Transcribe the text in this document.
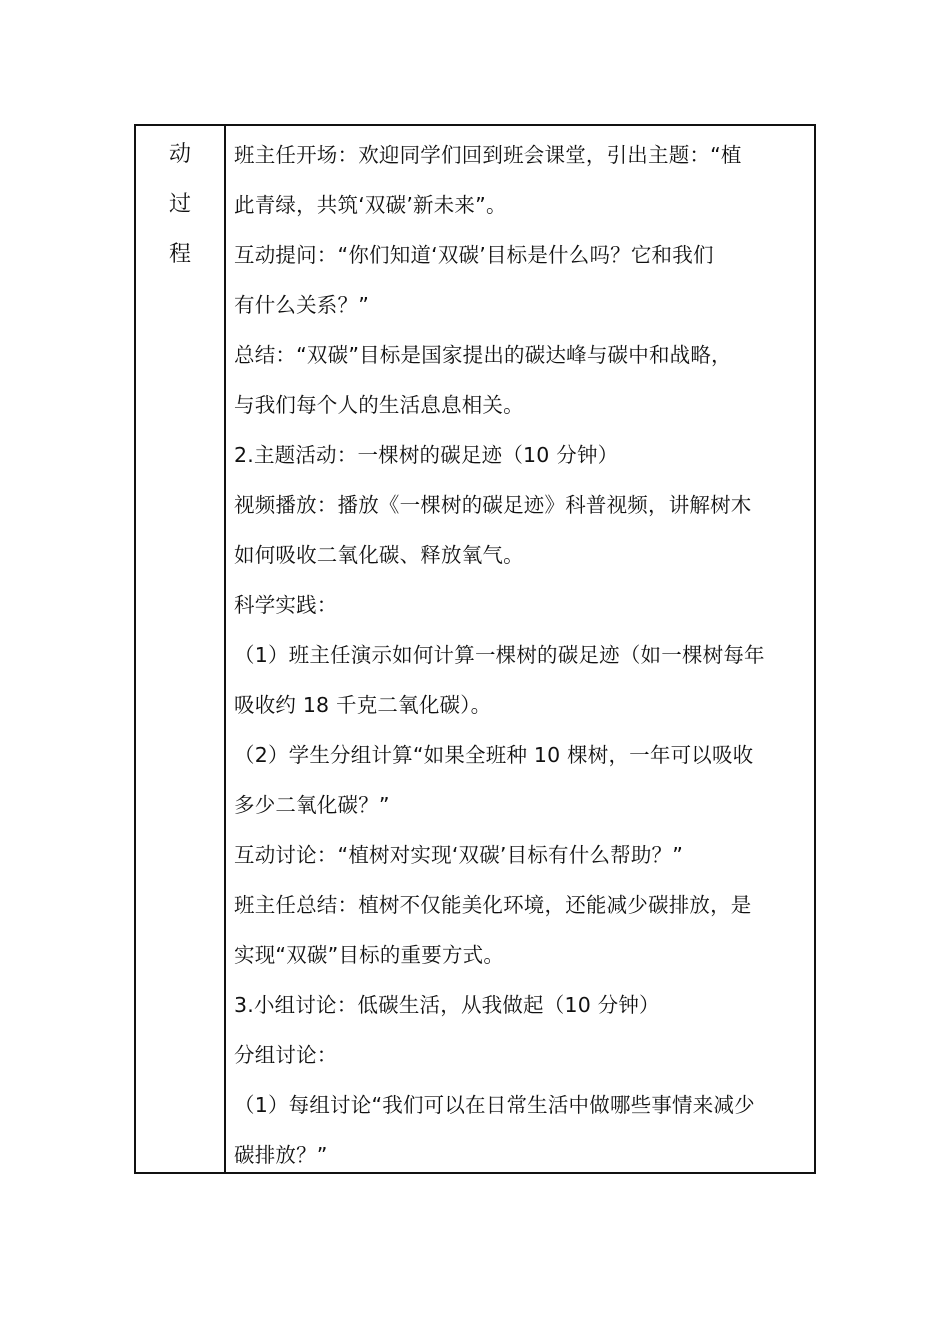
动
过
程
班主任开场：欢迎同学们回到班会课堂，引出主题：“植
此青绿，共筑‘双碳’新未来”。
互动提问：“你们知道‘双碳’目标是什么吗？它和我们
有什么关系？”
总结：“双碳”目标是国家提出的碳达峰与碳中和战略，
与我们每个人的生活息息相关。
2.主题活动：一棵树的碳足迹（10 分钟）
视频播放：播放《一棵树的碳足迹》科普视频，讲解树木
如何吸收二氧化碳、释放氧气。
科学实践：
（1）班主任演示如何计算一棵树的碳足迹（如一棵树每年
吸收约 18 千克二氧化碳）。
（2）学生分组计算“如果全班种 10 棵树，一年可以吸收
多少二氧化碳？”
互动讨论：“植树对实现‘双碳’目标有什么帮助？”
班主任总结：植树不仅能美化环境，还能减少碳排放，是
实现“双碳”目标的重要方式。
3.小组讨论：低碳生活，从我做起（10 分钟）
分组讨论：
（1）每组讨论“我们可以在日常生活中做哪些事情来减少
碳排放？”
